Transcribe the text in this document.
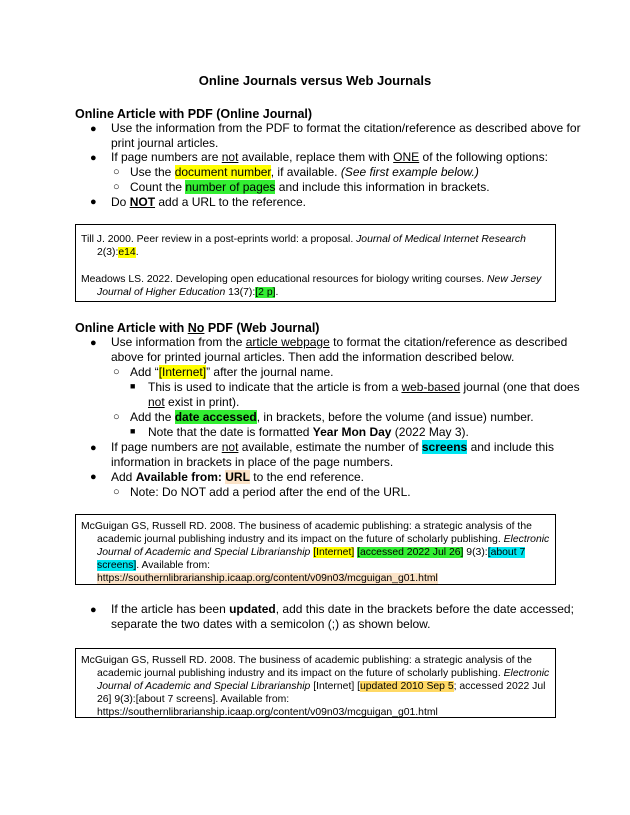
Online Journals versus Web Journals
Online Article with PDF (Online Journal)
● Use the information from the PDF to format the citation/reference as described above for
print journal articles.
● If page numbers are not available, replace them with ONE of the following options:
○ Use the document number, if available. (See first example below.)
○ Count the number of pages and include this information in brackets.
● Do NOT add a URL to the reference.
Till J. 2000. Peer review in a post-eprints world: a proposal. Journal of Medical Internet Research
2(3):e14.
Meadows LS. 2022. Developing open educational resources for biology writing courses. New Jersey
Journal of Higher Education 13(7):[2 p].
Online Article with No PDF (Web Journal)
● Use information from the article webpage to format the citation/reference as described
above for printed journal articles. Then add the information described below.
○ Add “[Internet]” after the journal name.
■ This is used to indicate that the article is from a web-based journal (one that does
not exist in print).
○ Add the date accessed, in brackets, before the volume (and issue) number.
■ Note that the date is formatted Year Mon Day (2022 May 3).
● If page numbers are not available, estimate the number of screens and include this
information in brackets in place of the page numbers.
● Add Available from: URL to the end reference.
○ Note: Do NOT add a period after the end of the URL.
McGuigan GS, Russell RD. 2008. The business of academic publishing: a strategic analysis of the
academic journal publishing industry and its impact on the future of scholarly publishing. Electronic
Journal of Academic and Special Librarianship [Internet] [accessed 2022 Jul 26] 9(3):[about 7
screens]. Available from:
https://southernlibrarianship.icaap.org/content/v09n03/mcguigan_g01.html
● If the article has been updated, add this date in the brackets before the date accessed;
separate the two dates with a semicolon (;) as shown below.
McGuigan GS, Russell RD. 2008. The business of academic publishing: a strategic analysis of the
academic journal publishing industry and its impact on the future of scholarly publishing. Electronic
Journal of Academic and Special Librarianship [Internet] [updated 2010 Sep 5; accessed 2022 Jul
26] 9(3):[about 7 screens]. Available from:
https://southernlibrarianship.icaap.org/content/v09n03/mcguigan_g01.html
